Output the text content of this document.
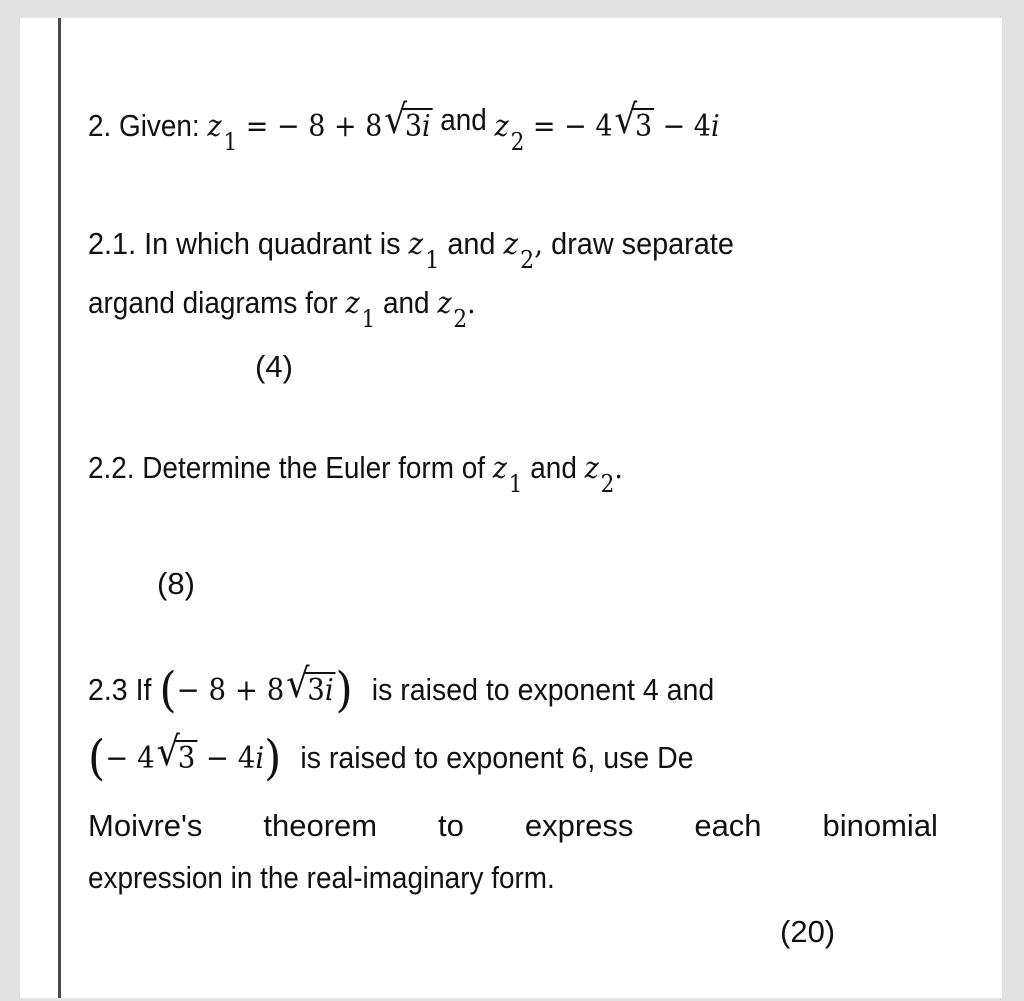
2. Given: $z_1$ = − 8 + 8 √
3i and $z_2$ = − 4 √
3 − 4i
2.1. In which quadrant is $z_1$ and $z_2$, draw separate
argand diagrams for $z_1$ and $z_2$.
(4)
2.2. Determine the Euler form of $z_1$ and $z_2$.
(8)
2.3 If (− 8 + 8 √
3i) is raised to exponent 4 and
(− 4 √
3 − 4i) is raised to exponent 6, use De
Moivre's theorem to express each binomial
expression in the real-imaginary form.
(20)
